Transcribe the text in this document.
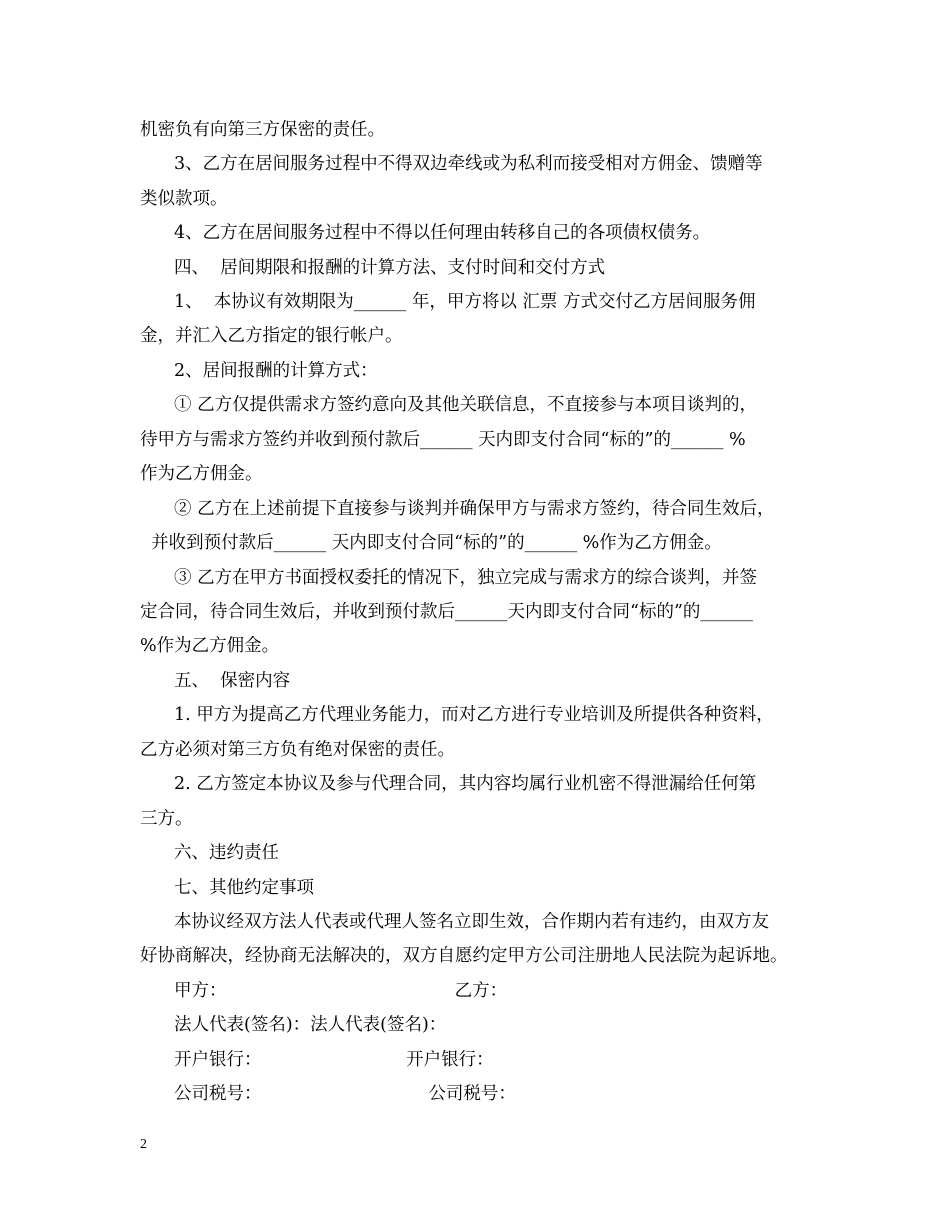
机密负有向第三方保密的责任。
3、乙方在居间服务过程中不得双边牵线或为私利而接受相对方佣金、馈赠等
类似款项。
4、乙方在居间服务过程中不得以任何理由转移自己的各项债权债务。
四、  居间期限和报酬的计算方法、支付时间和交付方式
1、  本协议有效期限为______ 年，甲方将以 汇票 方式交付乙方居间服务佣
金，并汇入乙方指定的银行帐户。
2、居间报酬的计算方式：
① 乙方仅提供需求方签约意向及其他关联信息，不直接参与本项目谈判的，
待甲方与需求方签约并收到预付款后______ 天内即支付合同“标的”的______ %
作为乙方佣金。
② 乙方在上述前提下直接参与谈判并确保甲方与需求方签约，待合同生效后，
并收到预付款后______ 天内即支付合同“标的”的______ %作为乙方佣金。
③ 乙方在甲方书面授权委托的情况下，独立完成与需求方的综合谈判，并签
定合同，待合同生效后，并收到预付款后______天内即支付合同“标的”的______
%作为乙方佣金。
五、  保密内容
1. 甲方为提高乙方代理业务能力，而对乙方进行专业培训及所提供各种资料，
乙方必须对第三方负有绝对保密的责任。
2. 乙方签定本协议及参与代理合同，其内容均属行业机密不得泄漏给任何第
三方。
六、违约责任
七、其他约定事项
本协议经双方法人代表或代理人签名立即生效，合作期内若有违约，由双方友
好协商解决，经协商无法解决的，双方自愿约定甲方公司注册地人民法院为起诉地。
甲方：                                         乙方：
法人代表(签名)：法人代表(签名)：
开户银行：                          开户银行：
公司税号：                              公司税号：
2
